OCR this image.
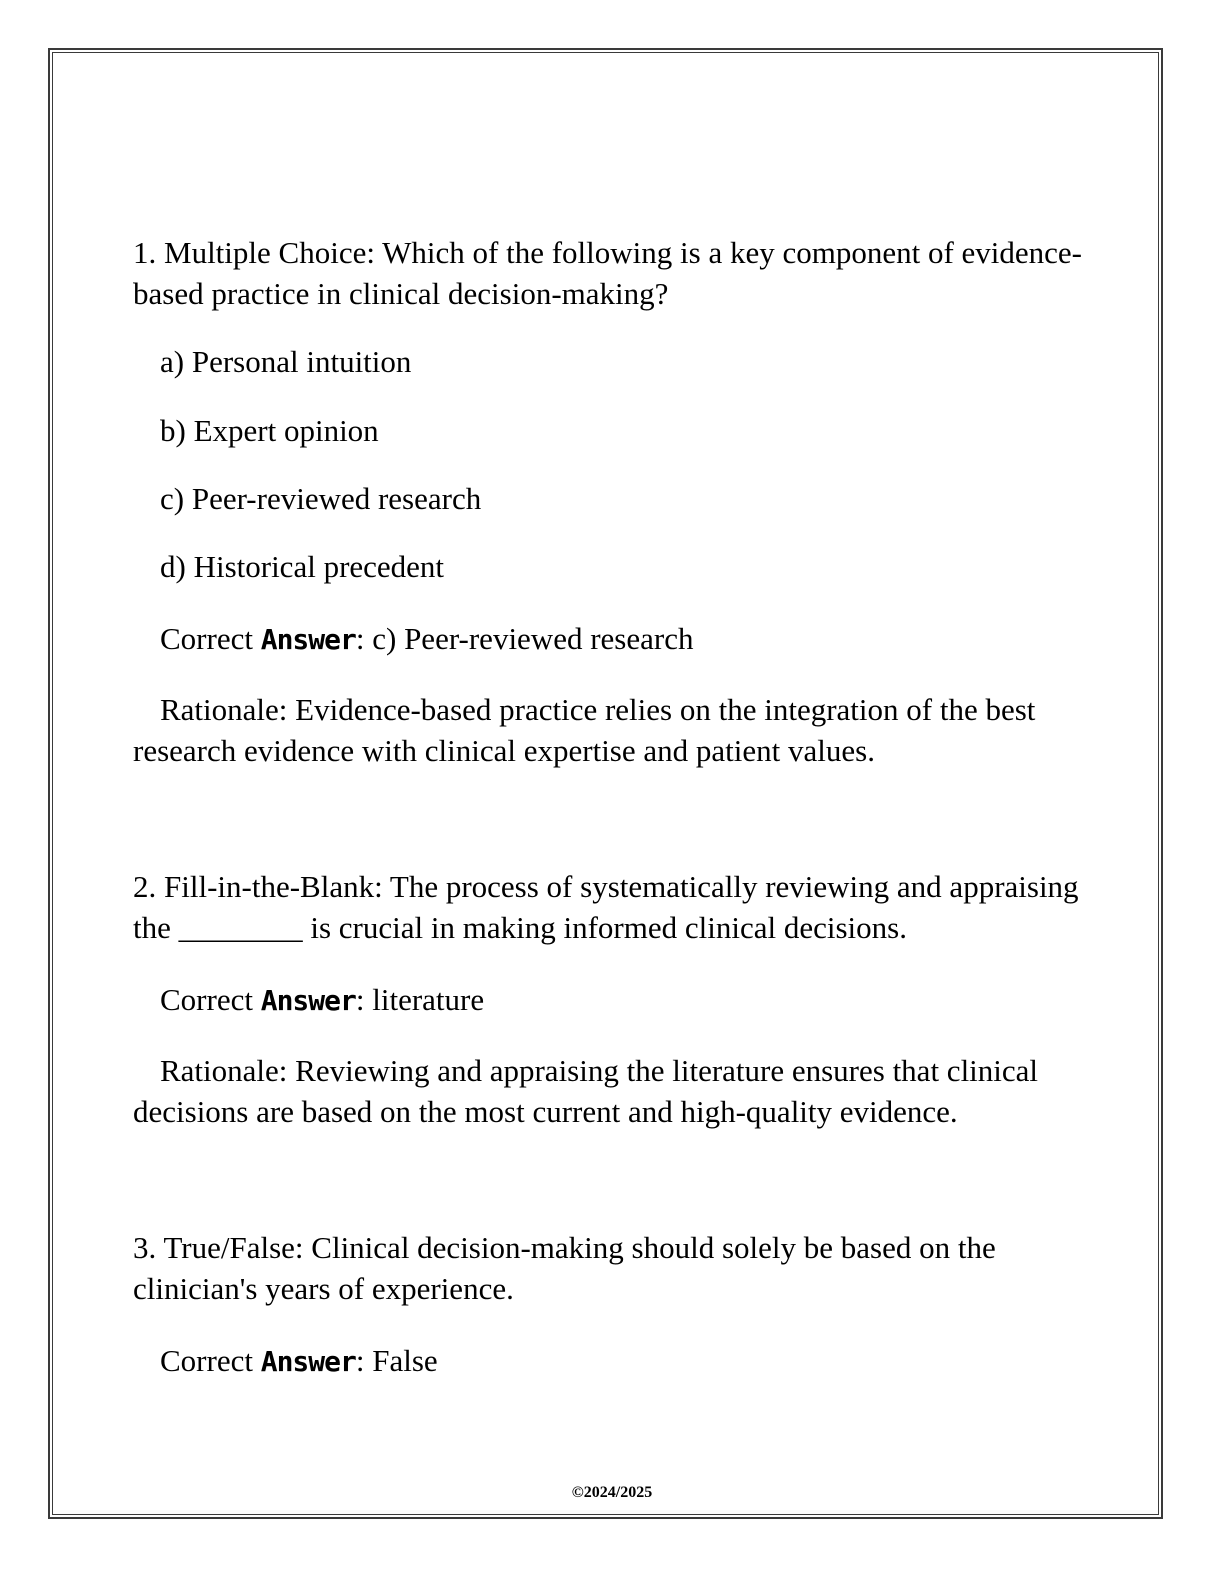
1. Multiple Choice: Which of the following is a key component of evidence-based practice in clinical decision-making?

a) Personal intuition

b) Expert opinion

c) Peer-reviewed research

d) Historical precedent

Correct Answer: c) Peer-reviewed research

Rationale: Evidence-based practice relies on the integration of the best research evidence with clinical expertise and patient values.

2. Fill-in-the-Blank: The process of systematically reviewing and appraising the ________ is crucial in making informed clinical decisions.

Correct Answer: literature

Rationale: Reviewing and appraising the literature ensures that clinical decisions are based on the most current and high-quality evidence.

3. True/False: Clinical decision-making should solely be based on the clinician's years of experience.

Correct Answer: False

©2024/2025
